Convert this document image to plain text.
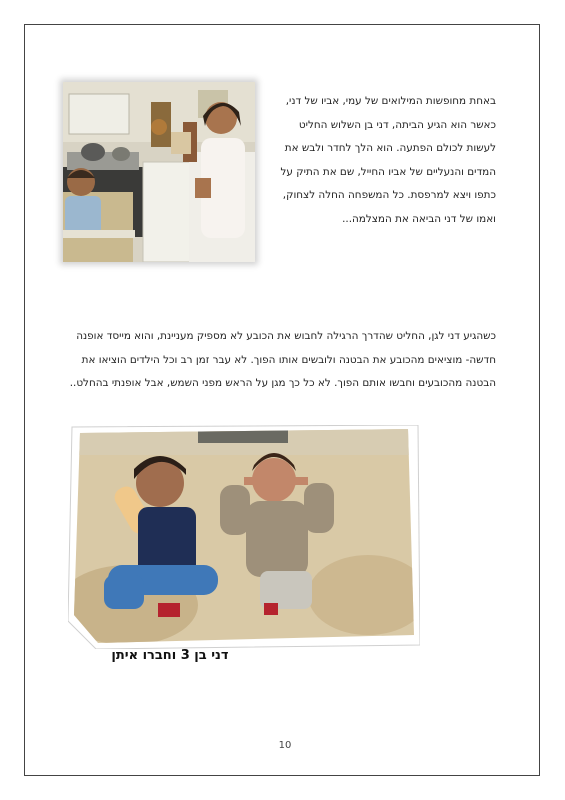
באחת מחופשות המילואים של עמי, אביו של דני, כאשר הוא הגיע הביתה, דני בן השלוש החליט לעשות לכולם הפתעה. הוא הלך לחדר ולבש את המדים והנעליים של אביו החייל, שם את התיק על כתפו ויצא למרפסת. כל המשפחה החלה לצחוק, ואמו של דני הביאה את המצלמה...
כשהגיע דני לגן, החליט שהדרך הרגילה לחבוש את הכובע לא מספיק מעניינת, והוא מייסד אופנה חדשה- מוציאים מהכובע את הבטנה ולובשים אותו הפוך. לא עבר זמן רב וכל הילדים הוציאו את הבטנה מהכובעים וחבשו אותם הפוך. לא כל כך מגן על הראש מפני השמש, אבל אופנתי בהחלט..
דני בן 3 וחברו איתן
10
